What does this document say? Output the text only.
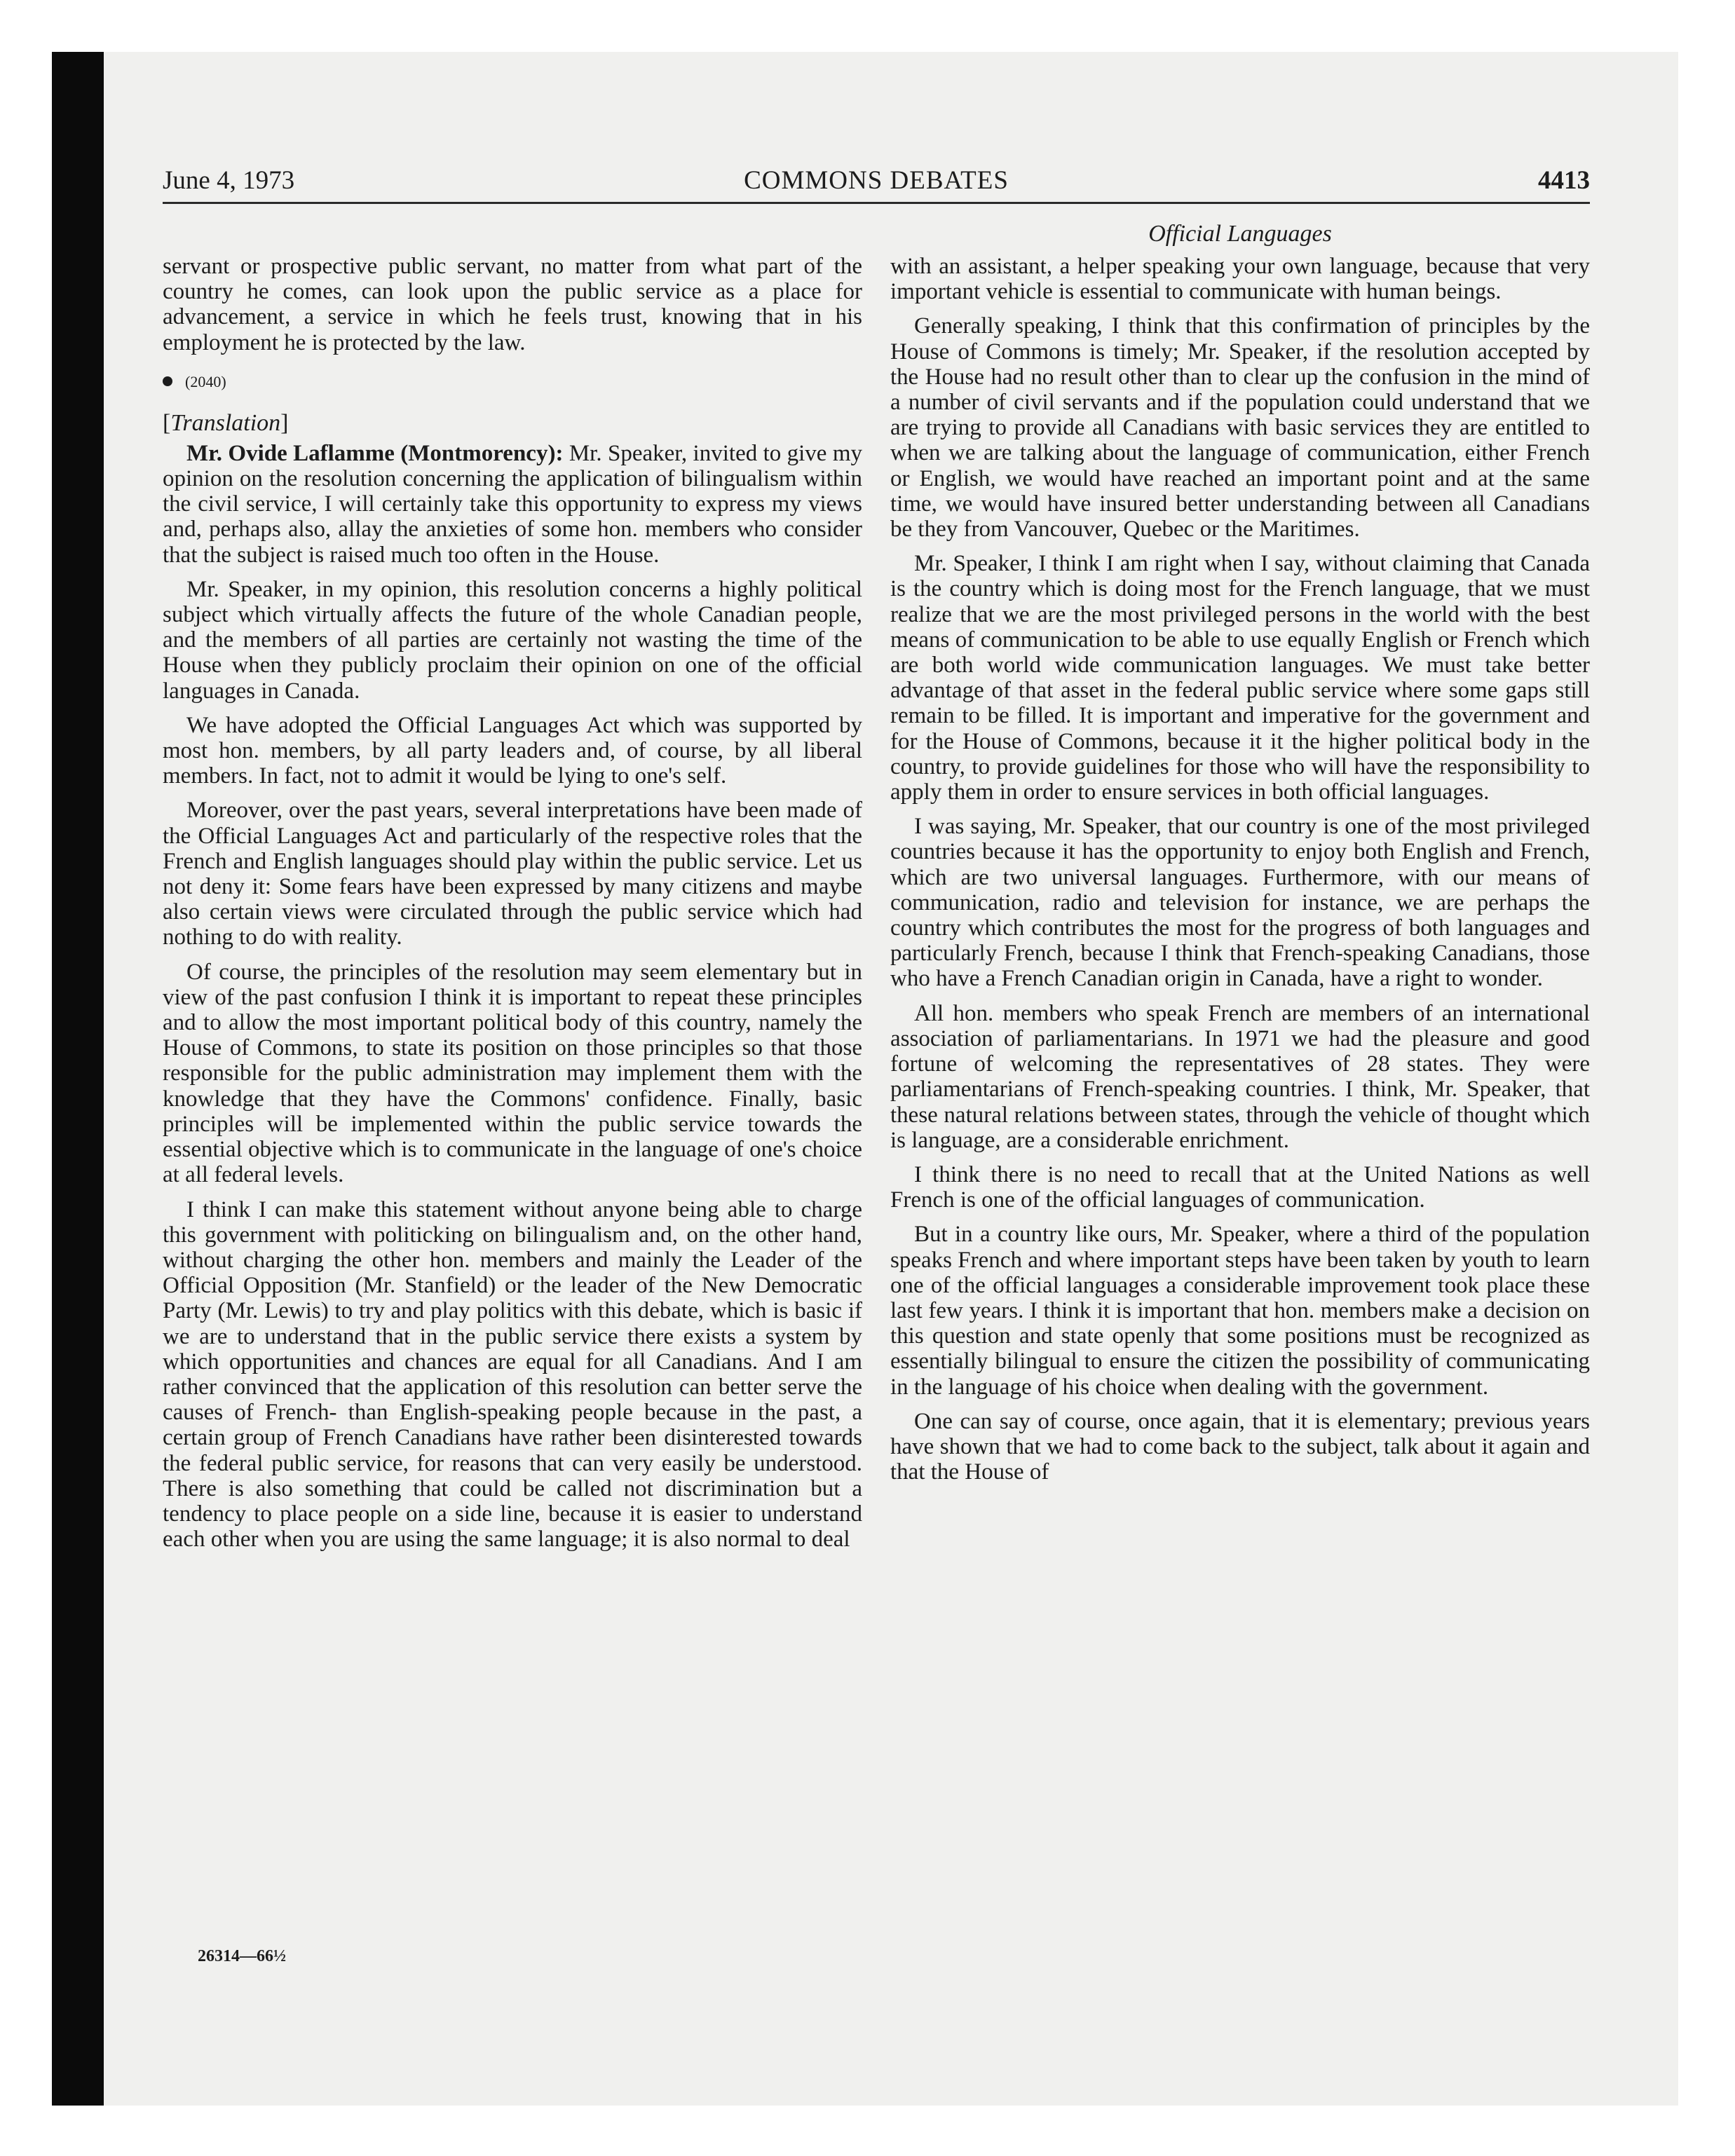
June 4, 1973	COMMONS DEBATES	4413
Official Languages

servant or prospective public servant, no matter from what part of the country he comes, can look upon the public service as a place for advancement, a service in which he feels trust, knowing that in his employment he is protected by the law.

(2040)
[Translation]

Mr. Ovide Laflamme (Montmorency): Mr. Speaker, invited to give my opinion on the resolution concerning the application of bilingualism within the civil service, I will certainly take this opportunity to express my views and, perhaps also, allay the anxieties of some hon. members who consider that the subject is raised much too often in the House.

Mr. Speaker, in my opinion, this resolution concerns a highly political subject which virtually affects the future of the whole Canadian people, and the members of all parties are certainly not wasting the time of the House when they publicly proclaim their opinion on one of the official languages in Canada.

We have adopted the Official Languages Act which was supported by most hon. members, by all party leaders and, of course, by all liberal members. In fact, not to admit it would be lying to one's self.

Moreover, over the past years, several interpretations have been made of the Official Languages Act and particularly of the respective roles that the French and English languages should play within the public service. Let us not deny it: Some fears have been expressed by many citizens and maybe also certain views were circulated through the public service which had nothing to do with reality.

Of course, the principles of the resolution may seem elementary but in view of the past confusion I think it is important to repeat these principles and to allow the most important political body of this country, namely the House of Commons, to state its position on those principles so that those responsible for the public administration may implement them with the knowledge that they have the Commons' confidence. Finally, basic principles will be implemented within the public service towards the essential objective which is to communicate in the language of one's choice at all federal levels.

I think I can make this statement without anyone being able to charge this government with politicking on bilingualism and, on the other hand, without charging the other hon. members and mainly the Leader of the Official Opposition (Mr. Stanfield) or the leader of the New Democratic Party (Mr. Lewis) to try and play politics with this debate, which is basic if we are to understand that in the public service there exists a system by which opportunities and chances are equal for all Canadians. And I am rather convinced that the application of this resolution can better serve the causes of French- than English-speaking people because in the past, a certain group of French Canadians have rather been disinterested towards the federal public service, for reasons that can very easily be understood. There is also something that could be called not discrimination but a tendency to place people on a side line, because it is easier to understand each other when you are using the same language; it is also normal to deal

with an assistant, a helper speaking your own language, because that very important vehicle is essential to communicate with human beings.

Generally speaking, I think that this confirmation of principles by the House of Commons is timely; Mr. Speaker, if the resolution accepted by the House had no result other than to clear up the confusion in the mind of a number of civil servants and if the population could understand that we are trying to provide all Canadians with basic services they are entitled to when we are talking about the language of communication, either French or English, we would have reached an important point and at the same time, we would have insured better understanding between all Canadians be they from Vancouver, Quebec or the Maritimes.

Mr. Speaker, I think I am right when I say, without claiming that Canada is the country which is doing most for the French language, that we must realize that we are the most privileged persons in the world with the best means of communication to be able to use equally English or French which are both world wide communication languages. We must take better advantage of that asset in the federal public service where some gaps still remain to be filled. It is important and imperative for the government and for the House of Commons, because it it the higher political body in the country, to provide guidelines for those who will have the responsibility to apply them in order to ensure services in both official languages.

I was saying, Mr. Speaker, that our country is one of the most privileged countries because it has the opportunity to enjoy both English and French, which are two universal languages. Furthermore, with our means of communication, radio and television for instance, we are perhaps the country which contributes the most for the progress of both languages and particularly French, because I think that French-speaking Canadians, those who have a French Canadian origin in Canada, have a right to wonder.

All hon. members who speak French are members of an international association of parliamentarians. In 1971 we had the pleasure and good fortune of welcoming the representatives of 28 states. They were parliamentarians of French-speaking countries. I think, Mr. Speaker, that these natural relations between states, through the vehicle of thought which is language, are a considerable enrichment.

I think there is no need to recall that at the United Nations as well French is one of the official languages of communication.

But in a country like ours, Mr. Speaker, where a third of the population speaks French and where important steps have been taken by youth to learn one of the official languages a considerable improvement took place these last few years. I think it is important that hon. members make a decision on this question and state openly that some positions must be recognized as essentially bilingual to ensure the citizen the possibility of communicating in the language of his choice when dealing with the government.

One can say of course, once again, that it is elementary; previous years have shown that we had to come back to the subject, talk about it again and that the House of

26314—66½
